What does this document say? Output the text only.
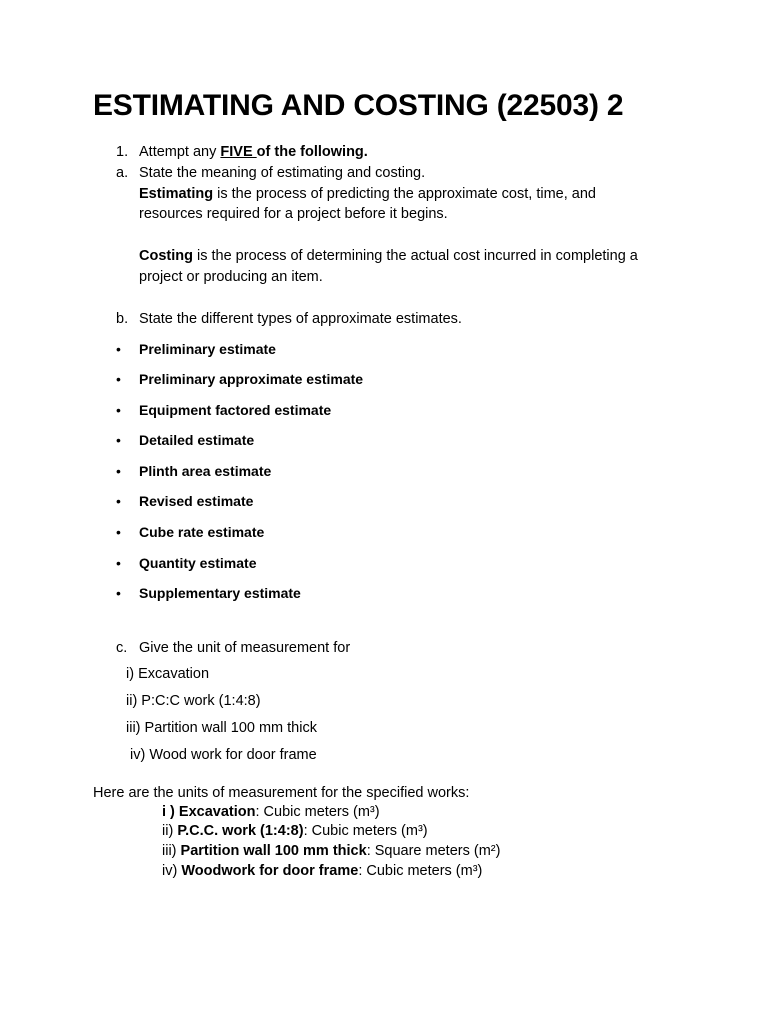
ESTIMATING AND COSTING (22503) 2
1. Attempt any FIVE of the following.
a. State the meaning of estimating and costing.
Estimating is the process of predicting the approximate cost, time, and
resources required for a project before it begins.
Costing is the process of determining the actual cost incurred in completing a
project or producing an item.
b. State the different types of approximate estimates.
• Preliminary estimate
• Preliminary approximate estimate
• Equipment factored estimate
• Detailed estimate
• Plinth area estimate
• Revised estimate
• Cube rate estimate
• Quantity estimate
• Supplementary estimate
c. Give the unit of measurement for
i) Excavation
ii) P:C:C work (1:4:8)
iii) Partition wall 100 mm thick
iv) Wood work for door frame
Here are the units of measurement for the specified works:
i ) Excavation: Cubic meters (m³)
ii) P.C.C. work (1:4:8): Cubic meters (m³)
iii) Partition wall 100 mm thick: Square meters (m²)
iv) Woodwork for door frame: Cubic meters (m³)
